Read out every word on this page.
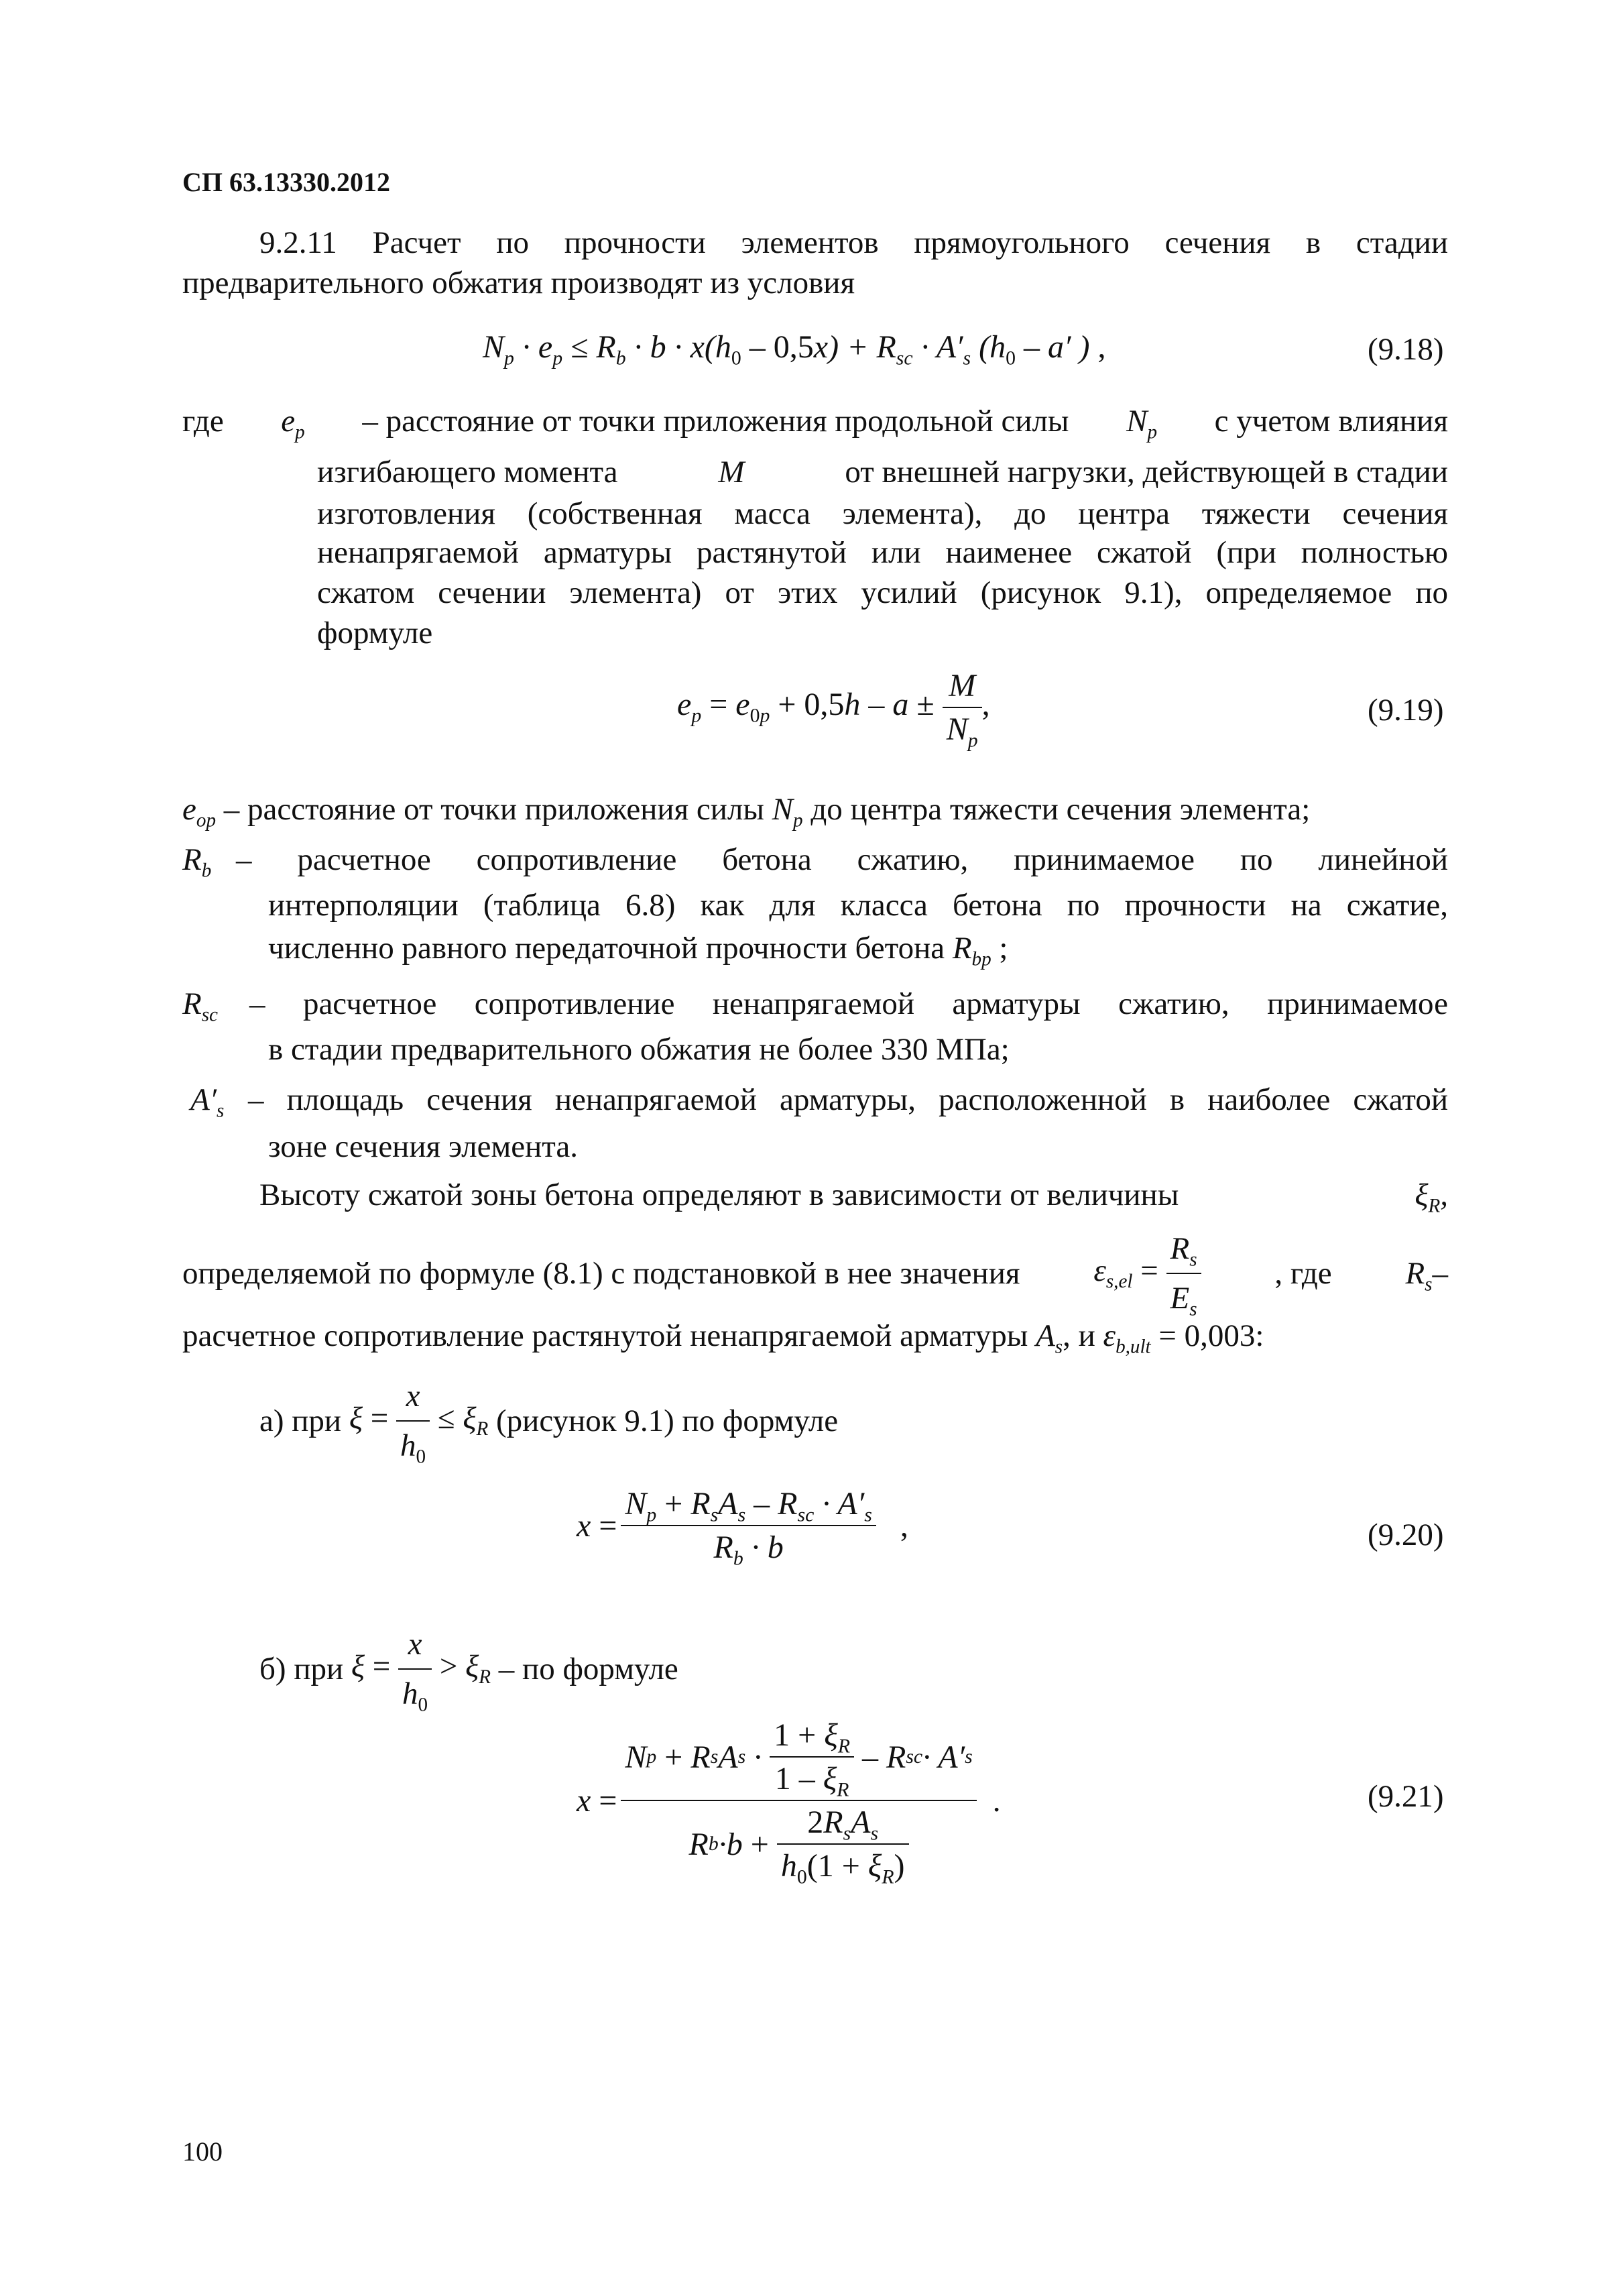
СП 63.13330.2012
9.2.11 Расчет по прочности элементов прямоугольного сечения в стадии
предварительного обжатия производят из условия
$N_p \cdot e_p \le R_b \cdot b \cdot x(h_0 - 0,5x) + R_{sc} \cdot A'_s$ ($h_0 - a'$ ) ,	(9.18)
где $e_p$ – расстояние от точки приложения продольной силы $N_p$ с учетом влияния
изгибающего момента	M	от внешней нагрузки, действующей в стадии
изготовления (собственная масса элемента), до центра тяжести сечения
ненапрягаемой арматуры растянутой или наименее сжатой (при полностью
сжатом сечении элемента) от этих усилий (рисунок 9.1), определяемое по
формуле
$e_p = e_{0p} + 0,5h - a \pm \frac{M}{N_p}$ ,	(9.19)
$e_{op}$ – расстояние от точки приложения силы $N_p$ до центра тяжести сечения элемента;
$R_b$ – расчетное сопротивление бетона сжатию, принимаемое по линейной
интерполяции (таблица 6.8) как для класса бетона по прочности на сжатие,
численно равного передаточной прочности бетона $R_{bp}$ ;
$R_{sc}$ – расчетное сопротивление ненапрягаемой арматуры сжатию, принимаемое
в стадии предварительного обжатия не более 330 МПа;
$A'_s$ – площадь сечения ненапрягаемой арматуры, расположенной в наиболее сжатой
зоне сечения элемента.
Высоту сжатой зоны бетона определяют в зависимости от величины	$\xi_R$,
определяемой по формуле (8.1) с подстановкой в нее значения $\varepsilon_{s,el} = \frac{R_s}{E_s}$ , где $R_s-$
расчетное сопротивление растянутой ненапрягаемой арматуры $A_s$, и $\varepsilon_{b,ult} = 0,003$:
а) при
$\xi = \frac{x}{h_0} \le \xi_R$
(рисунок 9.1) по формуле
$x = \frac{N_p + R_sA_s - R_{sc} \cdot A'_s}{R_b \cdot b}$
,	(9.20)
б) при
$\xi = \frac{x}{h_0} > \xi_R$
– по формуле
x = N p
+ R s A $s \cdot \frac{1 + \xi_R}{1 - \xi_R}$
– R sc · A′ s
R b ·b +
$\frac{2R_sA_s}{h_0(1 + \xi_R)}$
.	(9.21)
100
